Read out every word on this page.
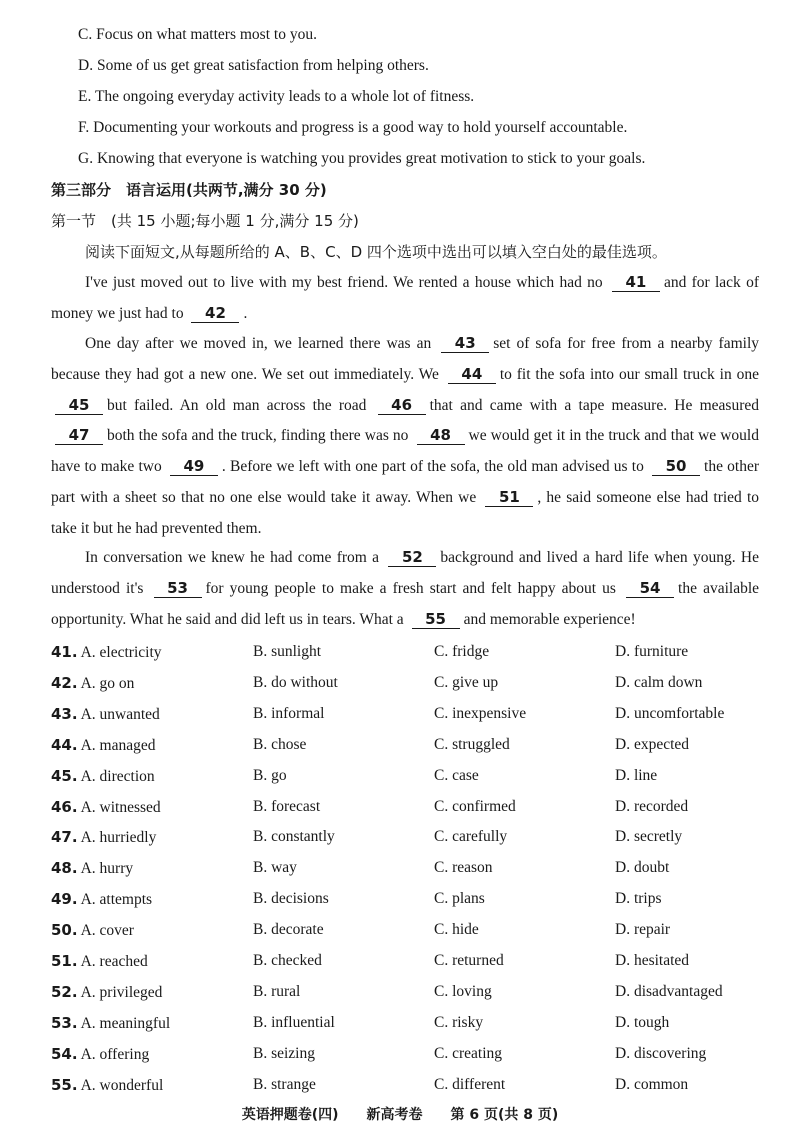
C. Focus on what matters most to you.
D. Some of us get great satisfaction from helping others.
E. The ongoing everyday activity leads to a whole lot of fitness.
F. Documenting your workouts and progress is a good way to hold yourself accountable.
G. Knowing that everyone is watching you provides great motivation to stick to your goals.
第三部分　语言运用(共两节,满分 30 分)
第一节　(共 15 小题;每小题 1 分,满分 15 分)
阅读下面短文,从每题所给的 A、B、C、D 四个选项中选出可以填入空白处的最佳选项。
I've just moved out to live with my best friend. We rented a house which had no 41 and for lack of money we just had to 42 .
One day after we moved in, we learned there was an 43 set of sofa for free from a nearby family because they had got a new one. We set out immediately. We 44 to fit the sofa into our small truck in one 45 but failed. An old man across the road 46 that and came with a tape measure. He measured 47 both the sofa and the truck, finding there was no 48 we would get it in the truck and that we would have to make two 49 . Before we left with one part of the sofa, the old man advised us to 50 the other part with a sheet so that no one else would take it away. When we 51 , he said someone else had tried to take it but he had prevented them.
In conversation we knew he had come from a 52 background and lived a hard life when young. He understood it's 53 for young people to make a fresh start and felt happy about us 54 the available opportunity. What he said and did left us in tears. What a 55 and memorable experience!
41. A. electricity	B. sunlight	C. fridge	D. furniture
42. A. go on	B. do without	C. give up	D. calm down
43. A. unwanted	B. informal	C. inexpensive	D. uncomfortable
44. A. managed	B. chose	C. struggled	D. expected
45. A. direction	B. go	C. case	D. line
46. A. witnessed	B. forecast	C. confirmed	D. recorded
47. A. hurriedly	B. constantly	C. carefully	D. secretly
48. A. hurry	B. way	C. reason	D. doubt
49. A. attempts	B. decisions	C. plans	D. trips
50. A. cover	B. decorate	C. hide	D. repair
51. A. reached	B. checked	C. returned	D. hesitated
52. A. privileged	B. rural	C. loving	D. disadvantaged
53. A. meaningful	B. influential	C. risky	D. tough
54. A. offering	B. seizing	C. creating	D. discovering
55. A. wonderful	B. strange	C. different	D. common
英语押题卷(四)　　新高考卷　　第 6 页(共 8 页)
